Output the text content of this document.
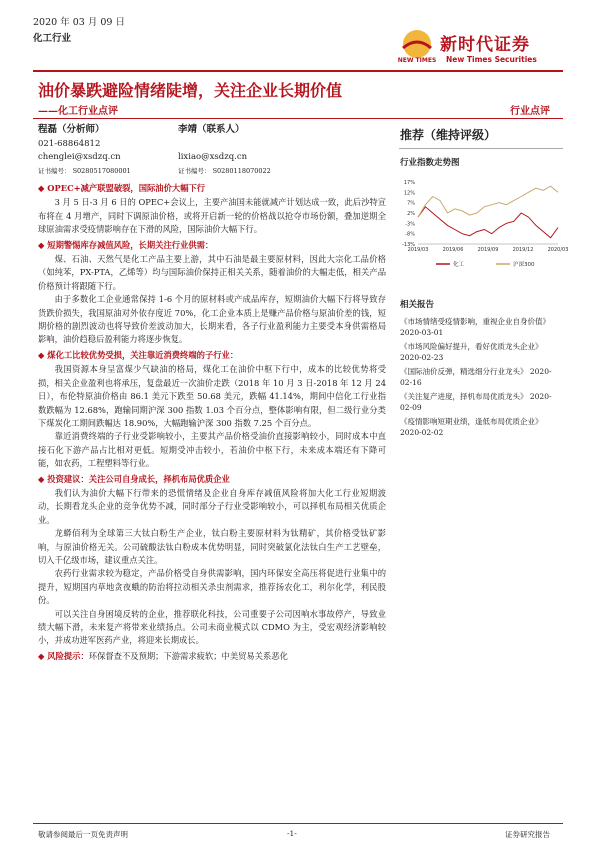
2020 年 03 月 09 日
化工行业
NEW TIMES
新时代证券
New Times Securities
油价暴跌避险情绪陡增，关注企业长期价值
——化工行业点评	行业点评
程磊（分析师）
021-68864812
chenglei@xsdzq.cn
证书编号： S0280517080001
李靖（联系人）

lixiao@xsdzq.cn
证书编号： S0280118070022
推荐（维持评级）
行业指数走势图
17%
12%
7%
2%
-3%
-8%
-13%
2019/03	2019/06	2019/09	2019/12	2020/03
化工	沪深300
相关报告
《市场情绪受疫情影响，重视企业自身价值》 2020-03-01
《市场风险偏好提升，看好优质龙头企业》 2020-02-23
《国际油价反弹，精选细分行业龙头》 2020-02-16
《关注复产进度，择机布局优质龙头》 2020-02-09
《疫情影响短期业绩，逢低布局优质企业》 2020-02-02
◆ OPEC+减产联盟破裂，国际油价大幅下行

3 月 5 日-3 月 6 日的 OPEC+会议上，主要产油国未能就减产计划达成一致，此后沙特宣布将在 4 月增产，同时下调原油价格，或将开启新一轮的价格战以抢夺市场份额，叠加逆期全球原油需求受疫情影响存在下滑的风险，国际油价大幅下行。

◆ 短期警惕库存减值风险，长期关注行业供需：

煤、石油、天然气是化工产品主要上游，其中石油是最主要原材料，因此大宗化工品价格（如纯苯，PX-PTA，乙烯等）均与国际油价保持正相关关系，随着油价的大幅走低，相关产品价格预计将跟随下行。

由于多数化工企业通常保持 1-6 个月的原材料或产成品库存，短期油价大幅下行将导致存货跌价损失，我国原油对外依存度近 70%，化工企业本质上是赚产品价格与原油价差的钱，短期价格的剧烈波动也将导致价差波动加大，长期来看，各子行业盈利能力主要受本身供需格局影响，油价趋稳后盈利能力将逐步恢复。

◆ 煤化工比较优势受损，关注靠近消费终端的子行业：

我国资源本身呈富煤少气缺油的格局，煤化工在油价中枢下行中，成本的比较优势将受损，相关企业盈利也将承压，复盘最近一次油价走跌（2018 年 10 月 3 日-2018 年 12 月 24 日），布伦特原油价格由 86.1 美元下跌至 50.68 美元，跌幅 41.14%，期间中信化工行业指数跌幅为 12.68%，跑输同期沪深 300 指数 1.03 个百分点，整体影响有限，但二级行业分类下煤炭化工期间跌幅达 18.90%，大幅跑输沪深 300 指数 7.25 个百分点。

靠近消费终端的子行业受影响较小，主要其产品价格受油价直接影响较小，同时成本中直接石化下游产品占比相对更低。短期受冲击较小，若油价中枢下行，未来成本端还有下降可能，如农药，工程塑料等行业。

◆ 投资建议：关注公司自身成长，择机布局优质企业

我们认为油价大幅下行带来的恐慌情绪及企业自身库存减值风险将加大化工行业短期波动，长期看龙头企业的竞争优势不减，同时部分子行业受影响较小，可以择机布局相关优质企业。

龙蟒佰利为全球第三大钛白粉生产企业，钛白粉主要原材料为钛精矿，其价格受钛矿影响，与原油价格无关。公司硫酸法钛白粉成本优势明显，同时突破氯化法钛白生产工艺壁垒，切入千亿级市场，建议重点关注。

农药行业需求较为稳定，产品价格受自身供需影响，国内环保安全高压将促进行业集中的提升，短期国内草地贪夜蛾的防治将拉动相关杀虫剂需求，推荐扬农化工，利尔化学，利民股份。

可以关注自身困境反转的企业，推荐联化科技，公司重要子公司因响水事故停产，导致业绩大幅下滑，未来复产将带来业绩扬点。公司未商业模式以 CDMO 为主，受宏观经济影响较小，并成功进军医药产业，将迎来长期成长。

◆ 风险提示：环保督查不及预期；下游需求疲软；中美贸易关系恶化
敬请参阅最后一页免责声明	-1-	证券研究报告
